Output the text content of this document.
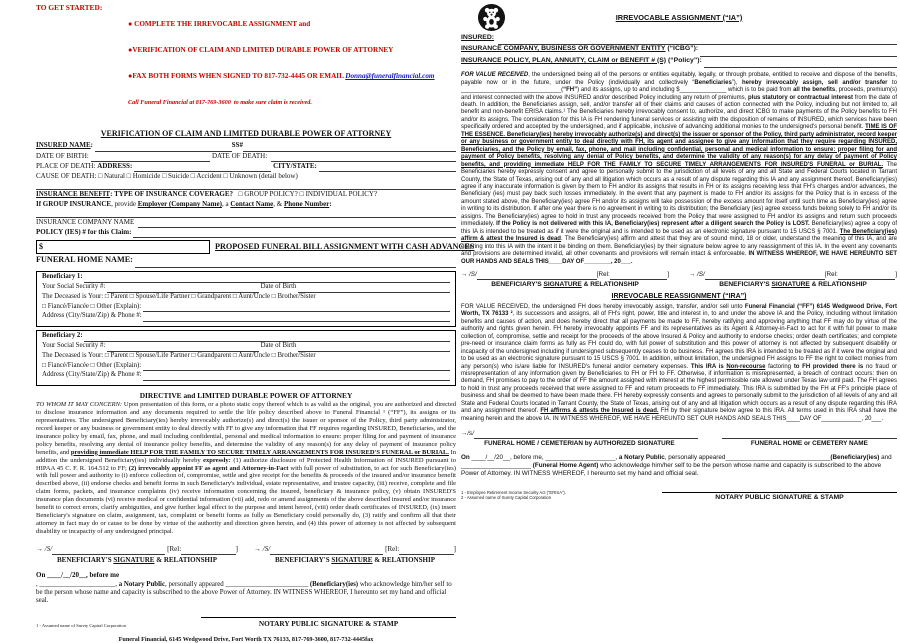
TO GET STARTED:

● COMPLETE THE IRREVOCABLE ASSIGNMENT and

●VERIFICATION OF CLAIM AND LIMITED DURABLE POWER OF ATTORNEY

●FAX BOTH FORMS WHEN SIGNED TO 817-732-4445 OR EMAIL Donna@funeralfinancial.com

Call Funeral Financial at 817-769-3600  to make sure claim is received.

VERIFICATION OF CLAIM AND LIMITED DURABLE POWER OF ATTORNEY
INSURED NAME :	SS#
DATE OF BIRTH:	DATE OF DEATH:
PLACE OF DEATH: ADDRESS:	CITY/STATE:
CAUSE OF DEATH: □ Natural □ Homicide □ Suicide □ Accident □ Unknown (detail below)
INSURANCE BENEFIT : TYPE OF INSURANCE COVERAGE? □ GROUP POLICY? □ INDIVIDUAL POLICY?
If GROUP INSURANCE , provide Employer (Company Name) , a Contact Name , & Phone Number :
INSURANCE COMPANY NAME
POLICY (IES) # for this Claim:
$	PROPOSED FUNERAL BILL ASSIGNMENT WITH CASH ADVANCES
FUNERAL HOME NAME:
Beneficiary 1:
Your Social Security #:	Date of Birth
The Deceased is Your: □ Parent □ Spouse/Life Partner □ Grandparent □ Aunt/Uncle □ Brother/Sister
□ Fiancé/Fiancée □ Other (Explain):
Address (City/State/Zip) & Phone #:
Beneficiary 2:
Your Social Security #:	Date of Birth
The Deceased is Your: □ Parent □ Spouse/Life Partner □ Grandparent □ Aunt/Uncle □ Brother/Sister
□ Fiancé/Fiancée □ Other (Explain):
Address (City/State/Zip) & Phone #:
DIRECTIVE and LIMITED DURABLE POWER OF ATTORNEY
TO WHOM IT MAY CONCERN: Upon presentation of this form, or a photo static copy thereof which is as valid as the original, you are authorized and directed to disclose insurance information and any documents required to settle the life policy described above to Funeral Financial ¹ (“FF”), its assigns or its representatives. The undersigned Beneficiary(ies) hereby irrevocably authorize(s) and direct(s) the issuer or sponsor of the Policy, third party administrator, record keeper or any business or government entity to deal directly with FF to give any information that FF requires regarding INSURED, Beneficiaries, and the insurance policy by email, fax, phone, and mail including confidential, personal and medical information to ensure: proper filing for and payment of insurance policy benefits, resolving any denial of insurance policy benefits, and determine the validity of any reason(s) for any delay of payment of insurance policy benefits, and providing immediate HELP FOR THE FAMILY TO SECURE TIMELY ARRANGEMENTS FOR INSURED'S FUNERAL or BURIAL. In addition the undersigned Beneficiary(ies) individually hereby expressly: (1) authorize disclosure of Protected Health Information of INSURED pursuant to HIPAA 45 C. F. R. 164.512 to FF; (2) irrevocably appoint FF as agent and Attorney-in-Fact with full power of substitution, to act for such Beneficiary(ies) with full power and authority to (i) enforce collection of, compromise, settle and give receipt for the benefits & proceeds of the insured and/or insurance benefit described above, (ii) endorse checks and benefit forms in such Beneficiary's individual, estate representative, and trustee capacity, (iii) receive, complete and file claim forms, packets, and insurance complaints (iv) receive information concerning the insured, beneficiary & insurance policy, (v) obtain INSURED'S insurance plan documents (vi) receive medical or confidential information (vii) add, redo or amend assignments of the above described insured and/or insurance benefit to correct errors, clarify ambiguities, and give further legal effect to the purpose and intent hereof, (viii) order death certificates of INSURED, (ix) insert Beneficiary's signature on claim, assignment, tax, complaint or benefit forms as fully as Beneficiary could personally do, (3) ratify and confirm all that their attorney in fact may do or cause to be done by virtue of the authority and direction given herein, and (4) this power of attorney is not affected by subsequent disability or incapacity of any undersigned principal.
→ /S/	[Rel:	]
BENEFICIARY'S SIGNATURE & RELATIONSHIP
→ /S/	[Rel:	]
BENEFICIARY'S SIGNATURE & RELATIONSHIP
On ____/__/20__, before me
, ______________________, a Notary Public, personally appeared ________________________ (Beneficiary(ies) who acknowledge him/her self to be the person whose name and capacity is subscribed to the above Power of Attorney. IN WITNESS WHEREOF, I hereunto set my hand and official seal.
1 - Assumed name of Surety Capital Corporation	NOTARY PUBLIC SIGNATURE & STAMP
Funeral Financial, 6145 Wedgwood Drive, Fort Worth TX 76133, 817-769-3600, 817-732-4445fax
IRREVOCABLE ASSIGNMENT (“IA”)
INSURED:

INSURANCE COMPANY, BUSINESS OR GOVERNMENT ENTITY (“ICBG”):
INSURANCE POLICY, PLAN, ANNUITY, CLAIM or BENEFIT # (S) (“Policy”):
FOR VALUE RECEIVED, the undersigned being all of the persons or entities equitably, legally, or through probate, entitled to receive and dispose of the benefits, payable now or in the future, under the Policy (individually and collectively “Beneficiaries”), hereby irrevocably assign, sell and/or transfer to ______________________________(“FH”) and its assigns, up to and including $______________ which is to be paid from all the benefits, proceeds, premium(s) and interest connected with the above INSURED and/or described Policy including any return of premiums, plus statutory or contractual interest from the date of death. In addition, the Beneficiaries assign, sell, and/or transfer all of their claims and causes of action connected with the Policy, including but not limited to, all benefit and non-benefit ERISA claims.¹ The Beneficiaries hereby irrevocably consent to, authorize, and direct ICBG to make payments of the Policy benefits to FH and/or its assigns. The consideration for this IA is FH rendering funeral services or assisting with the disposition of remains of INSURED, which services have been specifically ordered and accepted by the undersigned, and if applicable, inclusive of advancing additional monies to the undersigned's personal benefit. TIME IS OF THE ESSENCE. Beneficiary(ies) hereby irrevocably authorize(s) and direct(s) the issuer or sponsor of the Policy, third party administrator, record keeper or any business or government entity to deal directly with FH, its agent and assignee to give any information that they require regarding INSURED, Beneficiaries, and the Policy by email, fax, phone, and mail including confidential, personal and medical information to ensure: proper filing for and payment of Policy benefits, resolving any denial of Policy benefits, and determine the validity of any reason(s) for any delay of payment of Policy benefits, and providing immediate HELP FOR THE FAMILY TO SECURE TIMELY ARRANGEMENTS FOR INSURED'S FUNERAL or BURIAL. The Beneficiaries hereby expressly consent and agree to personally submit to the jurisdiction of all levels of any and all State and Federal Courts located in Tarrant County, the State of Texas, arising out of any and all litigation which occurs as a result of any dispute regarding this IA and any assignment thereof. Beneficiary(ies) agree if any inaccurate information is given by them to FH and/or its assigns that results in FH or its assigns receiving less that FH's charges and/or advances, the Beneficiary (ies) must pay back such losses immediately. In the event that any payment is made to FH and/or its assigns for the Policy that is in excess of the amount stated above, the Beneficiary(ies) agree FH and/or its assigns will take possession of the excess amount for itself until such time as Beneficiary(ies) agree in writing to its distribution. If after one year there is no agreement in writing to its distribution; the Beneficiary (ies) agree excess funds belong solely to FH and/or its assigns. The Beneficiary(ies) agree to hold in trust any proceeds received from the Policy that were assigned to FH and/or its assigns and return such proceeds immediately. If the Policy is not delivered with this IA, Beneficiary(ies) represent after a diligent search the Policy is LOST. Beneficiary(ies) agree a copy of this IA is intended to be treated as if it were the original and is intended to be used as an electronic signature pursuant to 15 USCS § 7001. The Beneficiary(ies) affirm & attest the Insured is dead. The Beneficiary(ies) affirm and attest that they are of sound mind, 18 or older, understand the meaning of this IA, and are entering into this IA with the intent it be binding on them. Beneficiary(ies) by their signature below agree to any reassignment of this IA. In the event any covenants and provisions are determined invalid, all other covenants and provisions will remain intact & enforceable. IN WITNESS WHEREOF, WE HAVE HEREUNTO SET OUR HANDS AND SEALS THIS____DAY OF________, 20___.
→ /S/	[Rel:	]
BENEFICIARY'S SIGNATURE & RELATIONSHIP
→ /S/	[Rel:	]
BENEFICIARY'S SIGNATURE & RELATIONSHIP
IRREVOCABLE REASSIGNMENT (“IRA”)
FOR VALUE RECEIVED, the undersigned FH does hereby irrevocably assign, transfer, and/or sell unto Funeral Financial (“FF”) 6145 Wedgwood Drive, Fort Worth, TX 76133 ², its successors and assigns, all of FH's right, power, title and interest in, to and under the above IA and the Policy, including without limitation benefits and causes of action, and does hereby direct that all payments be made to FF, hereby ratifying and approving anything that FF may do by virtue of the authority and rights given herein. FH hereby irrevocably appoints FF and its representatives as its Agent & Attorney-in-Fact to act for it with full power to make collection of, compromise, settle and receipt for the proceeds of the above Insured & Policy and authority to endorse checks; order death certificates; and complete pre-need or insurance claim forms as fully as FH could do, with full power of substitution and this power of attorney is not affected by subsequent disability or incapacity of the undersigned including if undersigned subsequently ceases to do business. FH agrees this IRA is intended to be treated as if it were the original and to be used as an electronic signature pursuant to 15 USCS § 7001. In addition, without limitation, the undersigned FH assigns to FF the right to collect monies from any person(s) who is/are liable for INSURED's funeral and/or cemetery expenses. This IRA is Non-recourse factoring to FH provided there is no fraud or misrepresentation of any information given by Beneficiaries to FH or FH to FF. Otherwise, if information is misrepresented, a breach of contract occurs: then on demand, FH promises to pay to the order of FF the amount assigned with interest at the highest permissible rate allowed under Texas law until paid. The FH agrees to hold in trust any proceeds received that were assigned to FF and return proceeds to FF immediately. This IRA is submitted by the FH at FF's principle place of business and shall be deemed to have been made there. FH hereby expressly consents and agrees to personally submit to the jurisdiction of all levels of any and all State and Federal Courts located in Tarrant County, the State of Texas, arising out of any and all litigation which occurs as a result of any dispute regarding this IRA and any assignment thereof. FH affirms & attests the Insured is dead. FH by their signature below agree to this IRA. All terms used in this IRA shall have the meaning herein and the above IA. IN WITNESS WHEREOF, WE HAVE HEREUNTO SET OUR HANDS AND SEALS THIS____DAY OF____________, 20___.
→ /s/
FUNERAL HOME / CEMETERIAN by AUTHORIZED SIGNATURE	FUNERAL HOME or CEMETERY NAME
On ____/__/20__, before me, ____________________, a Notary Public, personally appeared______________________________(Beneficiary(ies) and ____________________ (Funeral Home Agent) who acknowledge him/her self to be the person whose name and capacity is subscribed to the above Power of Attorney. IN WITNESS WHEREOF, I hereunto set my hand and official seal.
1 - Employee Retirement Income Security Act (“ERISA”).
2 - Assumed name of Surety Capital Corporation	NOTARY PUBLIC SIGNATURE & STAMP
